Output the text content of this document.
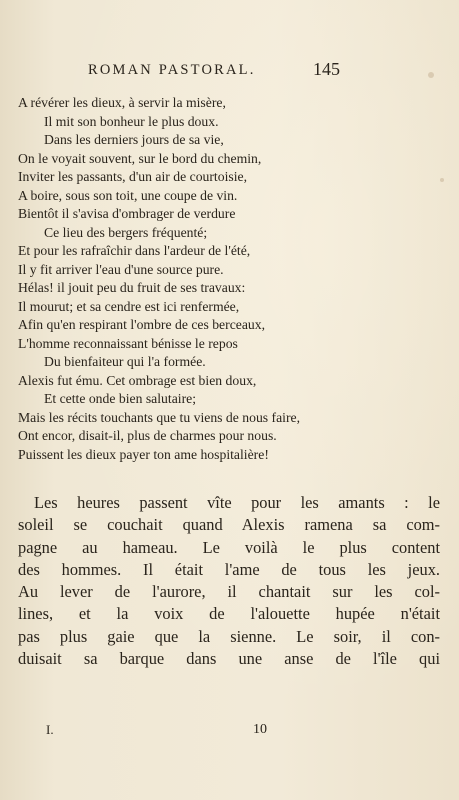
ROMAN PASTORAL.	145
A révérer les dieux, à servir la misère,
Il mit son bonheur le plus doux.
Dans les derniers jours de sa vie,
On le voyait souvent, sur le bord du chemin,
Inviter les passants, d'un air de courtoisie,
A boire, sous son toit, une coupe de vin.
Bientôt il s'avisa d'ombrager de verdure
Ce lieu des bergers fréquenté;
Et pour les rafraîchir dans l'ardeur de l'été,
Il y fit arriver l'eau d'une source pure.
Hélas! il jouit peu du fruit de ses travaux:
Il mourut; et sa cendre est ici renfermée,
Afin qu'en respirant l'ombre de ces berceaux,
L'homme reconnaissant bénisse le repos
Du bienfaiteur qui l'a formée.
Alexis fut ému. Cet ombrage est bien doux,
Et cette onde bien salutaire;
Mais les récits touchants que tu viens de nous faire,
Ont encor, disait-il, plus de charmes pour nous.
Puissent les dieux payer ton ame hospitalière!
Les heures passent vîte pour les amants : le
soleil se couchait quand Alexis ramena sa com-
pagne au hameau. Le voilà le plus content
des hommes. Il était l'ame de tous les jeux.
Au lever de l'aurore, il chantait sur les col-
lines, et la voix de l'alouette hupée n'était
pas plus gaie que la sienne. Le soir, il con-
duisait sa barque dans une anse de l'île qui
I.	10
